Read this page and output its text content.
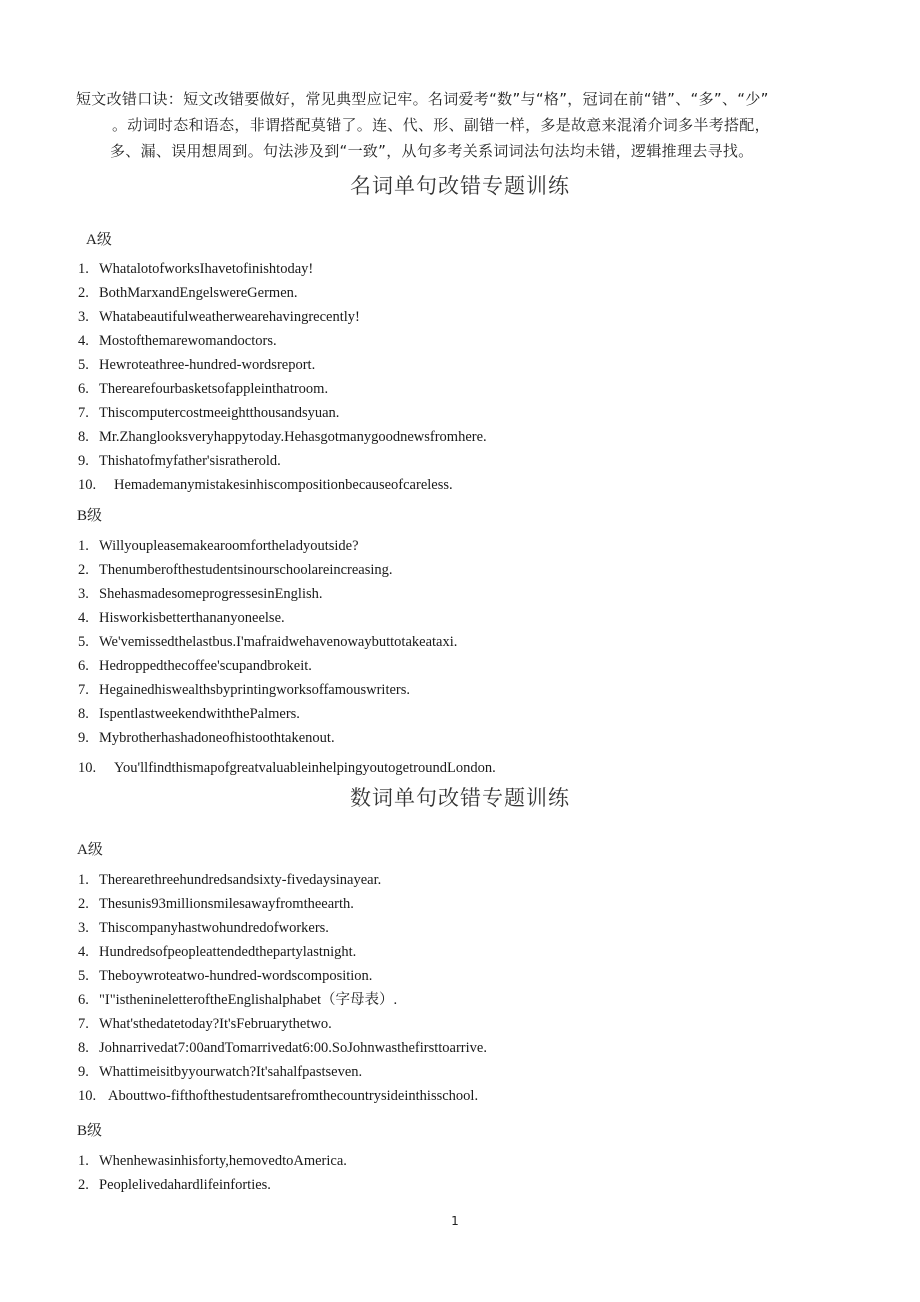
短文改错口诀：短文改错要做好，常见典型应记牢。名词爱考“数”与“格”，冠词在前“错”、“多”、“少”
。动词时态和语态，非谓搭配莫错了。连、代、形、副错一样，多是故意来混淆介词多半考搭配，
多、漏、误用想周到。句法涉及到“一致”，从句多考关系词词法句法均未错，逻辑推理去寻找。
名词单句改错专题训练
A级
1. WhatalotofworksIhavetofinishtoday!
2. BothMarxandEngelswereGermen.
3. Whatabeautifulweatherwearehavingrecently!
4. Mostofthemarewomandoctors.
5. Hewroteathree-hundred-wordsreport.
6. Therearefourbasketsofappleinthatroom.
7. Thiscomputercostmeeightthousandsyuan.
8. Mr.Zhanglooksveryhappytoday.Hehasgotmanygoodnewsfromhere.
9. Thishatofmyfather'sisratherold.
10.	Hemademanymistakesinhiscompositionbecauseofcareless.
B级
1. Willyoupleasemakearoomfortheladyoutside?
2. Thenumberofthestudentsinourschoolareincreasing.
3. ShehasmadesomeprogressesinEnglish.
4. Hisworkisbetterthananyoneelse.
5. We'vemissedthelastbus.I'mafraidwehavenowaybuttotakeataxi.
6. Hedroppedthecoffee'scupandbrokeit.
7. Hegainedhiswealthsbyprintingworksoffamouswriters.
8. IspentlastweekendwiththePalmers.
9. Mybrotherhashadoneofhistoothtakenout.
10.	You'llfindthismapofgreatvaluableinhelpingyoutogetroundLondon.
数词单句改错专题训练
A级
1. Therearethreehundredsandsixty-fivedaysinayear.
2. Thesunis93millionsmilesawayfromtheearth.
3. Thiscompanyhastwohundredofworkers.
4. Hundredsofpeopleattendedthepartylastnight.
5. Theboywroteatwo-hundred-wordscomposition.
6. "I"isthenineletteroftheEnglishalphabet（字母表）.
7. What'sthedatetoday?It'sFebruarythetwo.
8. Johnarrivedat7:00andTomarrivedat6:00.SoJohnwasthefirsttoarrive.
9. Whattimeisitbyyourwatch?It'sahalfpastseven.
10. Abouttwo-fifthofthestudentsarefromthecountrysideinthisschool.
B级
1. Whenhewasinhisforty,hemovedtoAmerica.
2. Peoplelivedahardlifeinforties.
1
